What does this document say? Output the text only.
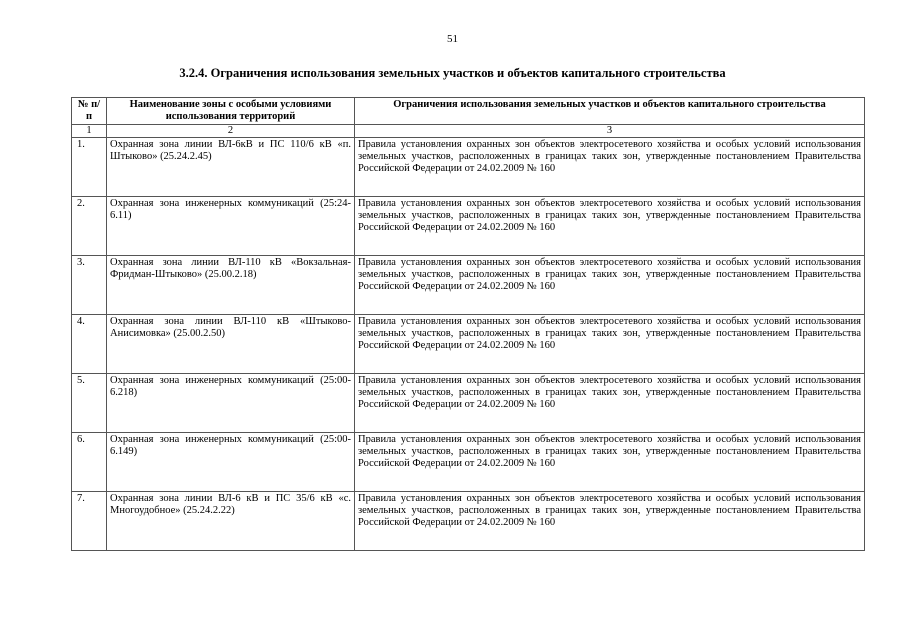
51
3.2.4. Ограничения использования земельных участков и объектов капитального строительства
№ п/п	Наименование зоны с особыми условиями использования территорий	Ограничения использования земельных участков и объектов капитального строительства
1	2	3
1.	Охранная зона линии ВЛ-6кВ и ПС 110/6 кВ «п. Штыково» (25.24.2.45)	Правила установления охранных зон объектов электросетевого хозяйства и особых условий использования земельных участков, расположенных в границах таких зон, утвержденные постановлением Правительства Российской Федерации от 24.02.2009 № 160
2.	Охранная зона инженерных коммуникаций (25:24-6.11)	Правила установления охранных зон объектов электросетевого хозяйства и особых условий использования земельных участков, расположенных в границах таких зон, утвержденные постановлением Правительства Российской Федерации от 24.02.2009 № 160
3.	Охранная зона линии ВЛ-110 кВ «Вокзальная-Фридман-Штыково» (25.00.2.18)	Правила установления охранных зон объектов электросетевого хозяйства и особых условий использования земельных участков, расположенных в границах таких зон, утвержденные постановлением Правительства Российской Федерации от 24.02.2009 № 160
4.	Охранная зона линии ВЛ-110 кВ «Штыково-Анисимовка» (25.00.2.50)	Правила установления охранных зон объектов электросетевого хозяйства и особых условий использования земельных участков, расположенных в границах таких зон, утвержденные постановлением Правительства Российской Федерации от 24.02.2009 № 160
5.	Охранная зона инженерных коммуникаций (25:00-6.218)	Правила установления охранных зон объектов электросетевого хозяйства и особых условий использования земельных участков, расположенных в границах таких зон, утвержденные постановлением Правительства Российской Федерации от 24.02.2009 № 160
6.	Охранная зона инженерных коммуникаций (25:00-6.149)	Правила установления охранных зон объектов электросетевого хозяйства и особых условий использования земельных участков, расположенных в границах таких зон, утвержденные постановлением Правительства Российской Федерации от 24.02.2009 № 160
7.	Охранная зона линии ВЛ-6 кВ и ПС 35/6 кВ «с. Многоудобное» (25.24.2.22)	Правила установления охранных зон объектов электросетевого хозяйства и особых условий использования земельных участков, расположенных в границах таких зон, утвержденные постановлением Правительства Российской Федерации от 24.02.2009 № 160
